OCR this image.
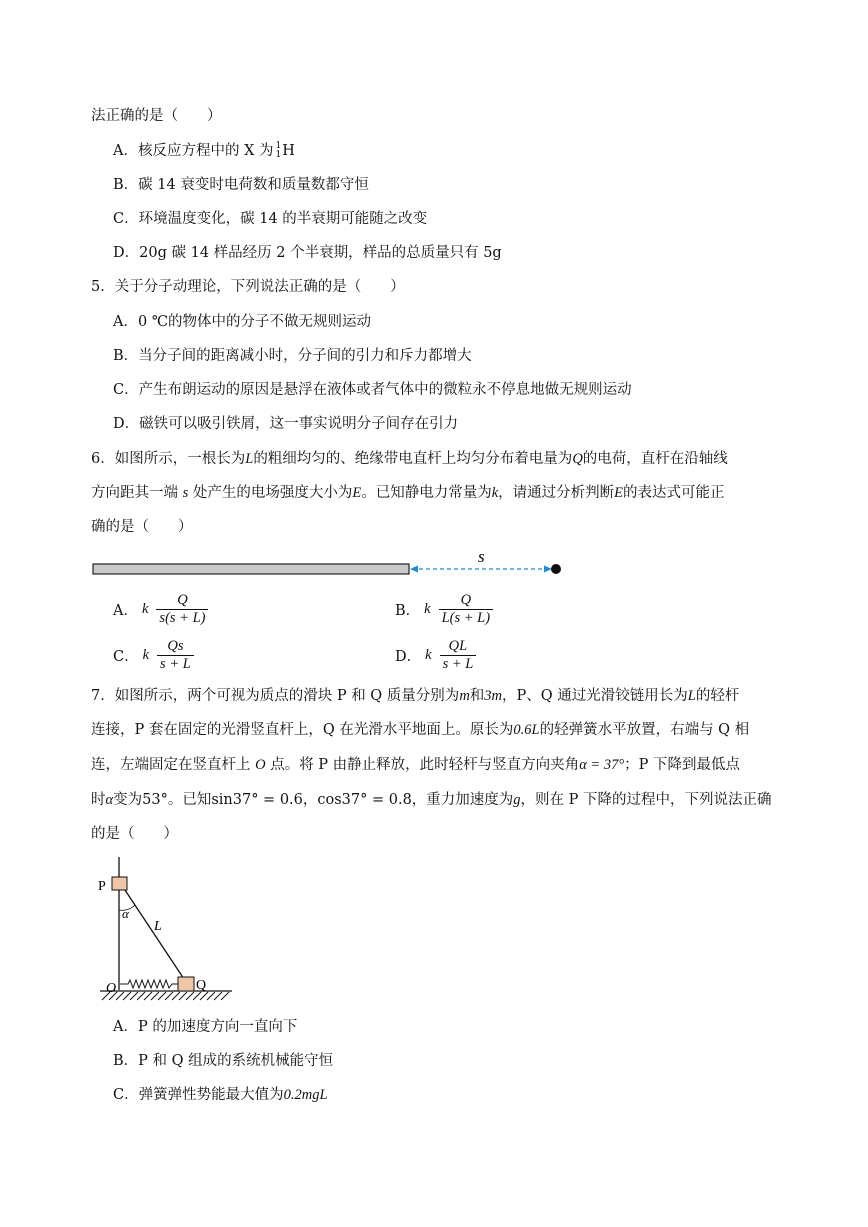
法正确的是（　　）
A．核反应方程中的 X 为 1
1 H
B．碳 14 衰变时电荷数和质量数都守恒
C．环境温度变化，碳 14 的半衰期可能随之改变
D．20g 碳 14 样品经历 2 个半衰期，样品的总质量只有 5g
5．关于分子动理论，下列说法正确的是（　　）
A．0 ℃的物体中的分子不做无规则运动
B．当分子间的距离减小时，分子间的引力和斥力都增大
C．产生布朗运动的原因是悬浮在液体或者气体中的微粒永不停息地做无规则运动
D．磁铁可以吸引铁屑，这一事实说明分子间存在引力
6．如图所示，一根长为L的粗细均匀的、绝缘带电直杆上均匀分布着电量为Q的电荷，直杆在沿轴线
方向距其一端 s 处产生的电场强度大小为E。已知静电力常量为k，请通过分析判断E的表达式可能正
确的是（　　）
s
A． k $\frac{Q}{s(s + L)}$	B． k $\frac{Q}{L(s + L)}$
C． k $\frac{Qs}{s + L}$	D． k $\frac{QL}{s + L}$
7．如图所示，两个可视为质点的滑块 P 和 Q 质量分别为m和3m，P、Q 通过光滑铰链用长为L的轻杆
连接，P 套在固定的光滑竖直杆上，Q 在光滑水平地面上。原长为0.6L的轻弹簧水平放置，右端与 Q 相
连，左端固定在竖直杆上 O 点。将 P 由静止释放，此时轻杆与竖直方向夹角α = 37°；P 下降到最低点
时α变为53°。已知sin37° = 0.6，cos37° = 0.8，重力加速度为g，则在 P 下降的过程中，下列说法正确
的是（　　）
P
α
L
O	Q
A．P 的加速度方向一直向下
B．P 和 Q 组成的系统机械能守恒
C．弹簧弹性势能最大值为0.2mgL
